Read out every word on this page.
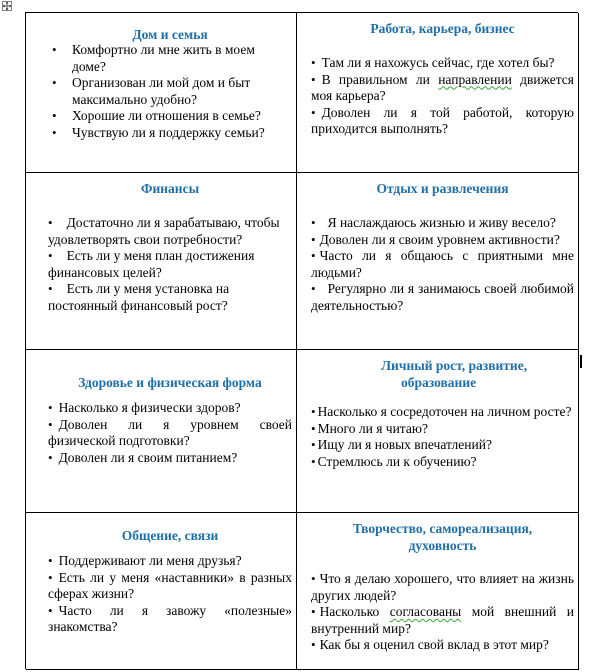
Дом и семья

• Комфортно ли мне жить в моем доме?
• Организован ли мой дом и быт максимально удобно?
• Хорошие ли отношения в семье?
• Чувствую ли я поддержку семьи?

Работа, карьера, бизнес

• Там ли я нахожусь сейчас, где хотел бы?
• В правильном ли направлении движется моя карьера?
• Доволен ли я той работой, которую приходится выполнять?

Финансы

• Достаточно ли я зарабатываю, чтобы удовлетворять свои потребности?
• Есть ли у меня план достижения финансовых целей?
• Есть ли у меня установка на постоянный финансовый рост?

Отдых и развлечения

• Я наслаждаюсь жизнью и живу весело?
• Доволен ли я своим уровнем активности?
• Часто ли я общаюсь с приятными мне людьми?
• Регулярно ли я занимаюсь своей любимой деятельностью?

Здоровье и физическая форма

• Насколько я физически здоров?
• Доволен ли я уровнем своей физической подготовки?
• Доволен ли я своим питанием?

Личный рост, развитие,
образование

• Насколько я сосредоточен на личном росте?
• Много ли я читаю?
• Ищу ли я новых впечатлений?
• Стремлюсь ли к обучению?

Общение, связи

• Поддерживают ли меня друзья?
• Есть ли у меня «наставники» в разных сферах жизни?
• Часто ли я завожу «полезные» знакомства?

Творчество, самореализация,
духовность

• Что я делаю хорошего, что влияет на жизнь других людей?
• Насколько согласованы мой внешний и внутренний мир?
• Как бы я оценил свой вклад в этот мир?
